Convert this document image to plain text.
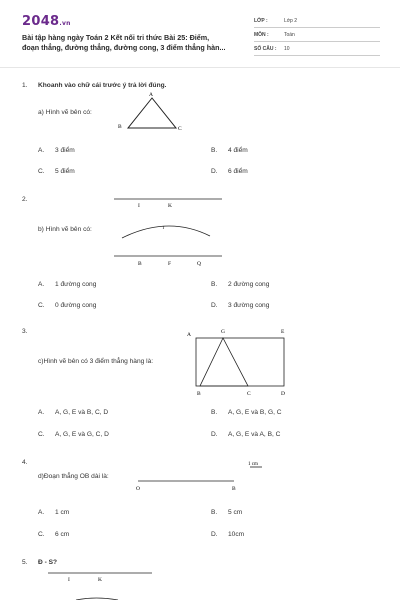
2048.vn
Bài tập hàng ngày Toán 2 Kết nối tri thức Bài 25: Điểm,
đoạn thẳng, đường thẳng, đường cong, 3 điểm thẳng hàn...
LỚP :	Lớp 2
MÔN :	Toán
SỐ CÂU : 10
1. Khoanh vào chữ cái trước ý trả lời đúng.
a) Hình vẽ bên có:
A
B	C
A. 3 điểm	B. 4 điểm
C. 5 điểm	D. 6 điểm
2.
I	K
T
B	F	Q
b) Hình vẽ bên có:
A. 1 đường cong	B. 2 đường cong
C. 0 đường cong	D. 3 đường cong
3.
c)Hình vẽ bên có 3 điểm thẳng hàng là:
A	G	E
B	C	D
A. A, G, E và B, C, D	B. A, G, E và B, G, C
C. A, G, E và G, C, D	D. A, G, E và A, B, C
4.
d)Đoạn thẳng OB dài là:
1 cm
O	B
A. 1 cm	B. 5 cm
C. 6 cm	D. 10cm
5. Đ - S?
I	K
